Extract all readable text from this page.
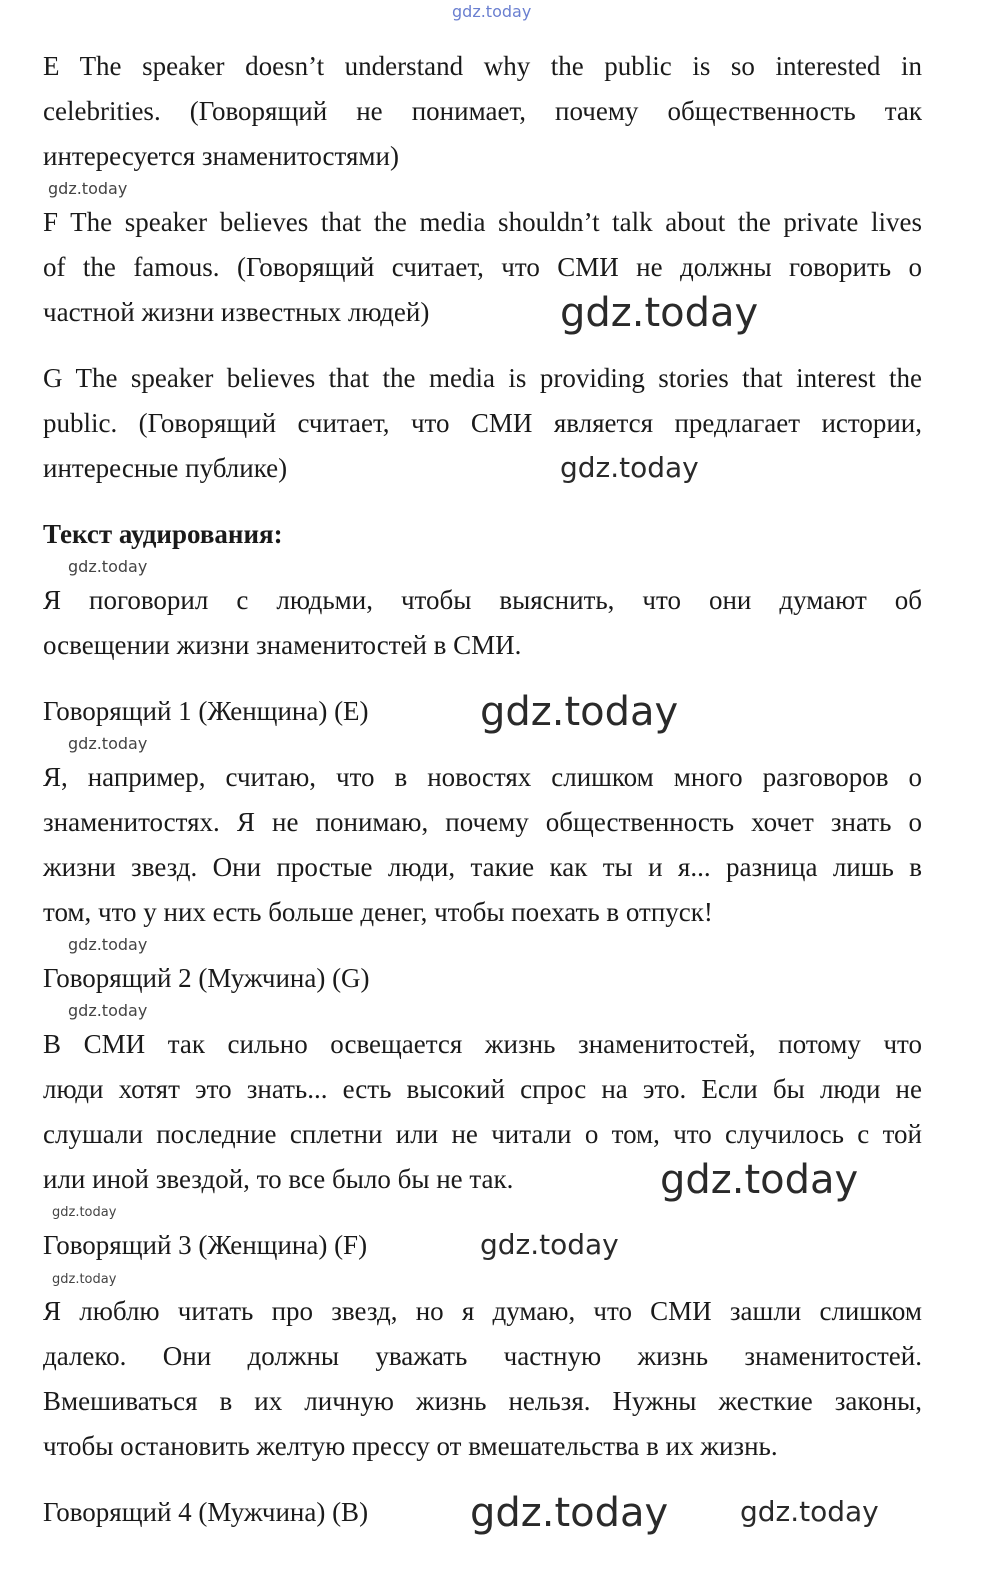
E The speaker doesn’t understand why the public is so interested in
celebrities. (Говорящий не понимает, почему общественность так
интересуется знаменитостями)
F The speaker believes that the media shouldn’t talk about the private lives
of the famous. (Говорящий считает, что СМИ не должны говорить о
частной жизни известных людей)
G The speaker believes that the media is providing stories that interest the
public. (Говорящий считает, что СМИ является предлагает истории,
интересные публике)
Текст аудирования:
Я поговорил с людьми, чтобы выяснить, что они думают об
освещении жизни знаменитостей в СМИ.
Говорящий 1 (Женщина) (E)
Я, например, считаю, что в новостях слишком много разговоров о
знаменитостях. Я не понимаю, почему общественность хочет знать о
жизни звезд. Они простые люди, такие как ты и я... разница лишь в
том, что у них есть больше денег, чтобы поехать в отпуск!
Говорящий 2 (Мужчина) (G)
В СМИ так сильно освещается жизнь знаменитостей, потому что
люди хотят это знать... есть высокий спрос на это. Если бы люди не
слушали последние сплетни или не читали о том, что случилось с той
или иной звездой, то все было бы не так.
Говорящий 3 (Женщина) (F)
Я люблю читать про звезд, но я думаю, что СМИ зашли слишком
далеко. Они должны уважать частную жизнь знаменитостей.
Вмешиваться в их личную жизнь нельзя. Нужны жесткие законы,
чтобы остановить желтую прессу от вмешательства в их жизнь.
Говорящий 4 (Мужчина) (B)
gdz.today
gdz.today
gdz.today
gdz.today
gdz.today
gdz.today
gdz.today
gdz.today
gdz.today
gdz.today
gdz.today
gdz.today
gdz.today
gdz.today
gdz.today
